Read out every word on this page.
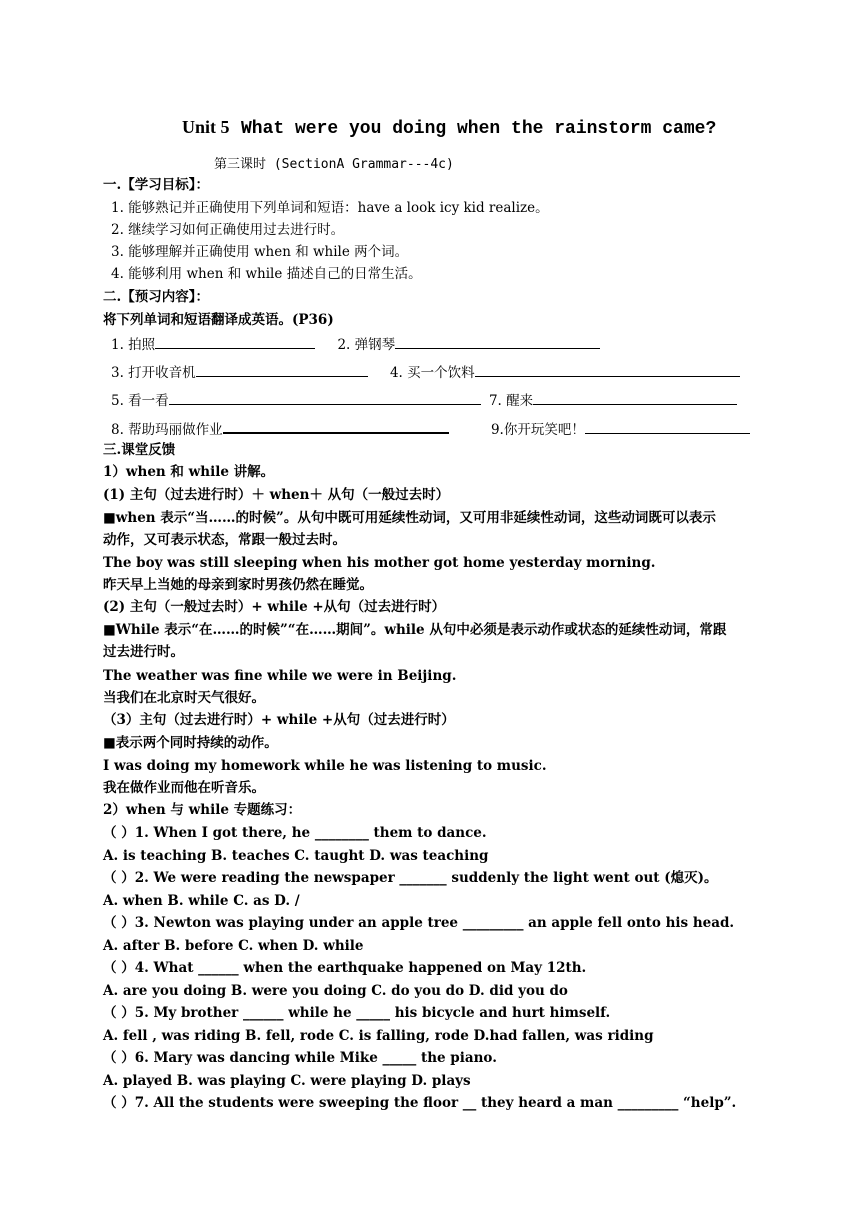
Unit 5 What were you doing when the rainstorm came?
第三课时 (SectionA Grammar---4c)
一.【学习目标】：
1. 能够熟记并正确使用下列单词和短语：have a look icy kid realize。
2. 继续学习如何正确使用过去进行时。
3. 能够理解并正确使用 when 和 while 两个词。
4. 能够利用 when 和 while 描述自己的日常生活。
二.【预习内容】：
将下列单词和短语翻译成英语。(P36)
1. 拍照	2. 弹钢琴
3. 打开收音机	4. 买一个饮料
5. 看一看	7. 醒来
8. 帮助玛丽做作业	9.你开玩笑吧！
三.课堂反馈
1）when 和 while 讲解。
(1) 主句（过去进行时）＋ when＋ 从句（一般过去时）
■when 表示“当……的时候”。从句中既可用延续性动词，又可用非延续性动词，这些动词既可以表示
动作，又可表示状态，常跟一般过去时。
The boy was still sleeping when his mother got home yesterday morning.
昨天早上当她的母亲到家时男孩仍然在睡觉。
(2) 主句（一般过去时）+ while +从句（过去进行时）
■While 表示“在……的时候”“在……期间”。while 从句中必须是表示动作或状态的延续性动词，常跟
过去进行时。
The weather was fine while we were in Beijing.
当我们在北京时天气很好。
（3）主句（过去进行时）+ while +从句（过去进行时）
■表示两个同时持续的动作。
I was doing my homework while he was listening to music.
我在做作业而他在听音乐。
2）when 与 while 专题练习：
（ ）1. When I got there, he ________ them to dance.
A. is teaching B. teaches C. taught D. was teaching
（ ）2. We were reading the newspaper _______ suddenly the light went out (熄灭)。
A. when B. while C. as D. /
（ ）3. Newton was playing under an apple tree _________ an apple fell onto his head.
A. after B. before C. when D. while
（ ）4. What ______ when the earthquake happened on May 12th.
A. are you doing B. were you doing C. do you do D. did you do
（ ）5. My brother ______ while he _____ his bicycle and hurt himself.
A. fell , was riding B. fell, rode C. is falling, rode D.had fallen, was riding
（ ）6. Mary was dancing while Mike _____ the piano.
A. played B. was playing C. were playing D. plays
（ ）7. All the students were sweeping the floor __ they heard a man _________ “help”.
